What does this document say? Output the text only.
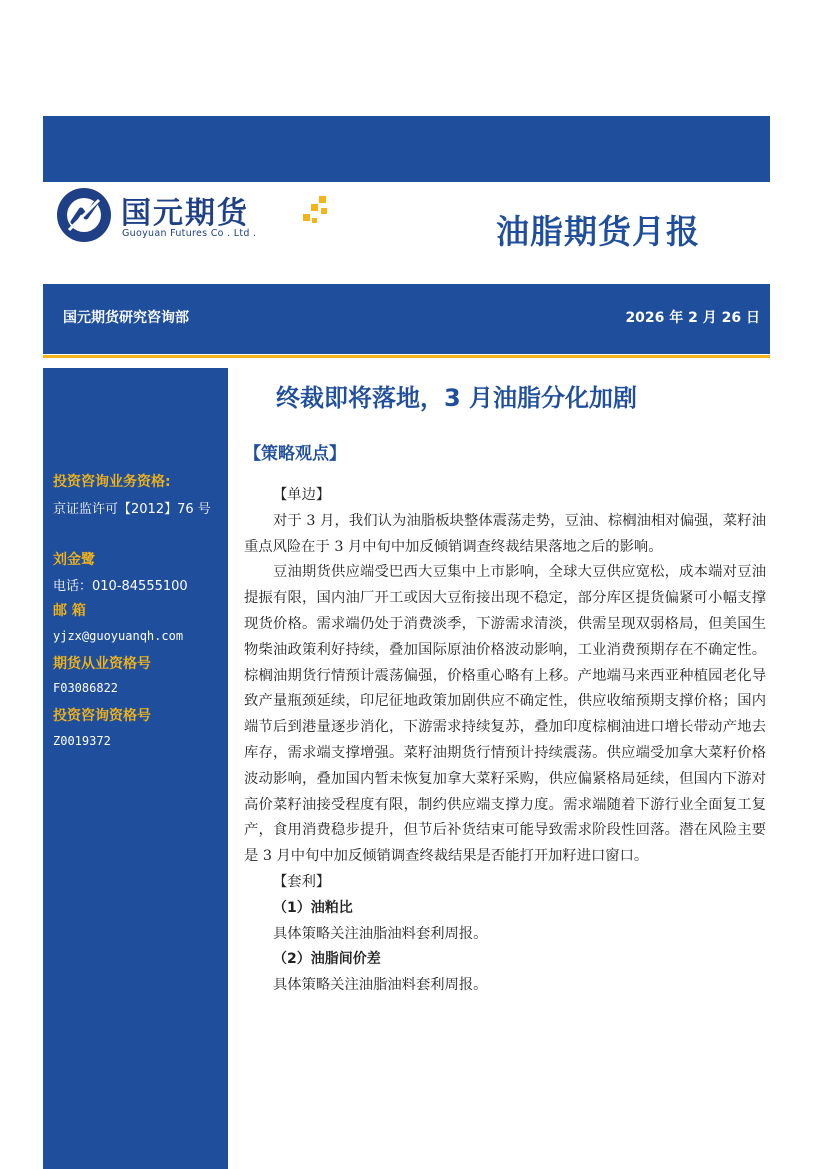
国元期货
Guoyuan Futures Co . Ltd .	油脂期货月报
国元期货研究咨询部	2026 年 2 月 26 日
投资咨询业务资格:
京证监许可【2012】76 号
刘金鹭
电话：010-84555100
邮 箱
yjzx@guoyuanqh.com
期货从业资格号
F03086822
投资咨询资格号
Z0019372
终裁即将落地，3 月油脂分化加剧
【策略观点】

【单边】

对于 3 月，我们认为油脂板块整体震荡走势，豆油、棕榈油相对偏强，菜籽油重点风险在于 3 月中旬中加反倾销调查终裁结果落地之后的影响。

豆油期货供应端受巴西大豆集中上市影响，全球大豆供应宽松，成本端对豆油提振有限，国内油厂开工或因大豆衔接出现不稳定，部分库区提货偏紧可小幅支撑现货价格。需求端仍处于消费淡季，下游需求清淡，供需呈现双弱格局，但美国生物柴油政策利好持续，叠加国际原油价格波动影响，工业消费预期存在不确定性。棕榈油期货行情预计震荡偏强，价格重心略有上移。产地端马来西亚种植园老化导致产量瓶颈延续，印尼征地政策加剧供应不确定性，供应收缩预期支撑价格；国内端节后到港量逐步消化，下游需求持续复苏，叠加印度棕榈油进口增长带动产地去库存，需求端支撑增强。菜籽油期货行情预计持续震荡。供应端受加拿大菜籽价格波动影响，叠加国内暂未恢复加拿大菜籽采购，供应偏紧格局延续，但国内下游对高价菜籽油接受程度有限，制约供应端支撑力度。需求端随着下游行业全面复工复产，食用消费稳步提升，但节后补货结束可能导致需求阶段性回落。潜在风险主要是 3 月中旬中加反倾销调查终裁结果是否能打开加籽进口窗口。

【套利】

（1）油粕比

具体策略关注油脂油料套利周报。

（2）油脂间价差

具体策略关注油脂油料套利周报。
